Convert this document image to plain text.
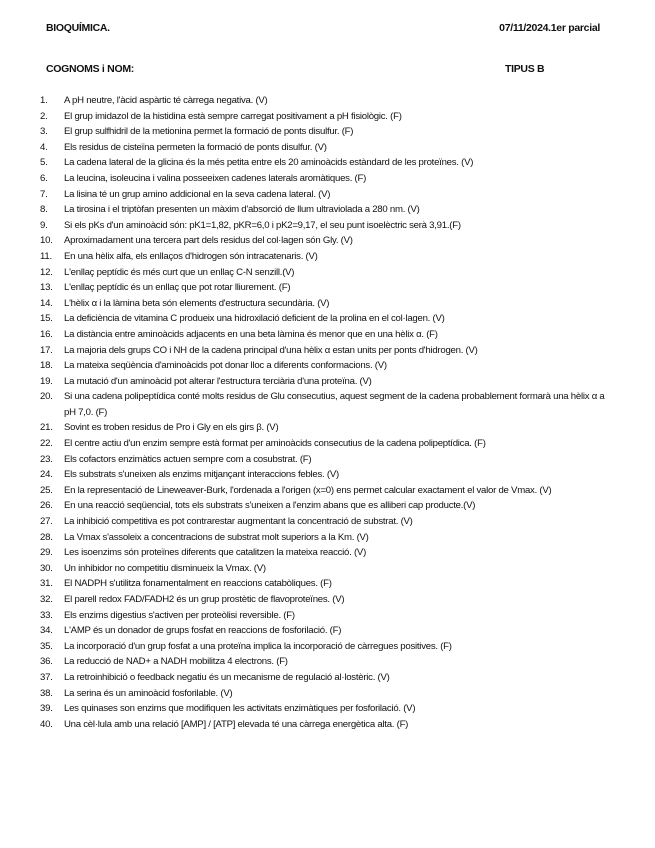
BIOQUÍMICA.	07/11/2024.1er parcial
COGNOMS i NOM:	TIPUS B
1.	A pH neutre, l'àcid aspàrtic té càrrega negativa. (V)
2.	El grup imidazol de la histidina està sempre carregat positivament a pH fisiològic. (F)
3.	El grup sulfhidril de la metionina permet la formació de ponts disulfur. (F)
4.	Els residus de cisteïna permeten la formació de ponts disulfur. (V)
5.	La cadena lateral de la glicina és la més petita entre els 20 aminoàcids estàndard de les proteïnes. (V)
6.	La leucina, isoleucina i valina posseeixen cadenes laterals aromàtiques. (F)
7.	La lisina té un grup amino addicional en la seva cadena lateral. (V)
8.	La tirosina i el triptòfan presenten un màxim d'absorció de llum ultraviolada a 280 nm. (V)
9.	Si els pKs d'un aminoàcid són: pK1=1,82, pKR=6,0 i pK2=9,17, el seu punt isoelèctric serà 3,91.(F)
10.	Aproximadament una tercera part dels residus del col·lagen són Gly. (V)
11.	En una hèlix alfa, els enllaços d'hidrogen són intracatenaris. (V)
12.	L'enllaç peptídic és més curt que un enllaç C-N senzill.(V)
13.	L'enllaç peptídic és un enllaç que pot rotar lliurement. (F)
14.	L'hèlix α i la làmina beta són elements d'estructura secundària. (V)
15.	La deficiència de vitamina C produeix una hidroxilació deficient de la prolina en el col·lagen. (V)
16.	La distància entre aminoàcids adjacents en una beta làmina és menor que en una hèlix α. (F)
17.	La majoria dels grups CO i NH de la cadena principal d'una hèlix α estan units per ponts d'hidrogen. (V)
18.	La mateixa seqüència d'aminoàcids pot donar lloc a diferents conformacions. (V)
19.	La mutació d'un aminoàcid pot alterar l'estructura terciària d'una proteïna. (V)
20.	Si una cadena polipeptídica conté molts residus de Glu consecutius, aquest segment de la cadena probablement formarà una hèlix α a pH 7,0. (F)
21.	Sovint es troben residus de Pro i Gly en els girs β. (V)
22.	El centre actiu d'un enzim sempre està format per aminoàcids consecutius de la cadena polipeptídica. (F)
23.	Els cofactors enzimàtics actuen sempre com a cosubstrat. (F)
24.	Els substrats s'uneixen als enzims mitjançant interaccions febles. (V)
25.	En la representació de Lineweaver-Burk, l'ordenada a l'origen (x=0) ens permet calcular exactament el valor de Vmax. (V)
26.	En una reacció seqüencial, tots els substrats s'uneixen a l'enzim abans que es alliberi cap producte.(V)
27.	La inhibició competitiva es pot contrarestar augmentant la concentració de substrat. (V)
28.	La Vmax s'assoleix a concentracions de substrat molt superiors a la Km. (V)
29.	Les isoenzims són proteïnes diferents que catalitzen la mateixa reacció. (V)
30.	Un inhibidor no competitiu disminueix la Vmax. (V)
31.	El NADPH s'utilitza fonamentalment en reaccions catabòliques. (F)
32.	El parell redox FAD/FADH2 és un grup prostètic de flavoproteïnes. (V)
33.	Els enzims digestius s'activen per proteòlisi reversible. (F)
34.	L'AMP és un donador de grups fosfat en reaccions de fosforilació. (F)
35.	La incorporació d'un grup fosfat a una proteïna implica la incorporació de càrregues positives. (F)
36.	La reducció de NAD+ a NADH mobilitza 4 electrons. (F)
37.	La retroinhibició o feedback negatiu és un mecanisme de regulació al·lostèric. (V)
38.	La serina és un aminoàcid fosforilable. (V)
39.	Les quinases son enzims que modifiquen les activitats enzimàtiques per fosforilació. (V)
40.	Una cèl·lula amb una relació [AMP] / [ATP] elevada té una càrrega energètica alta. (F)
